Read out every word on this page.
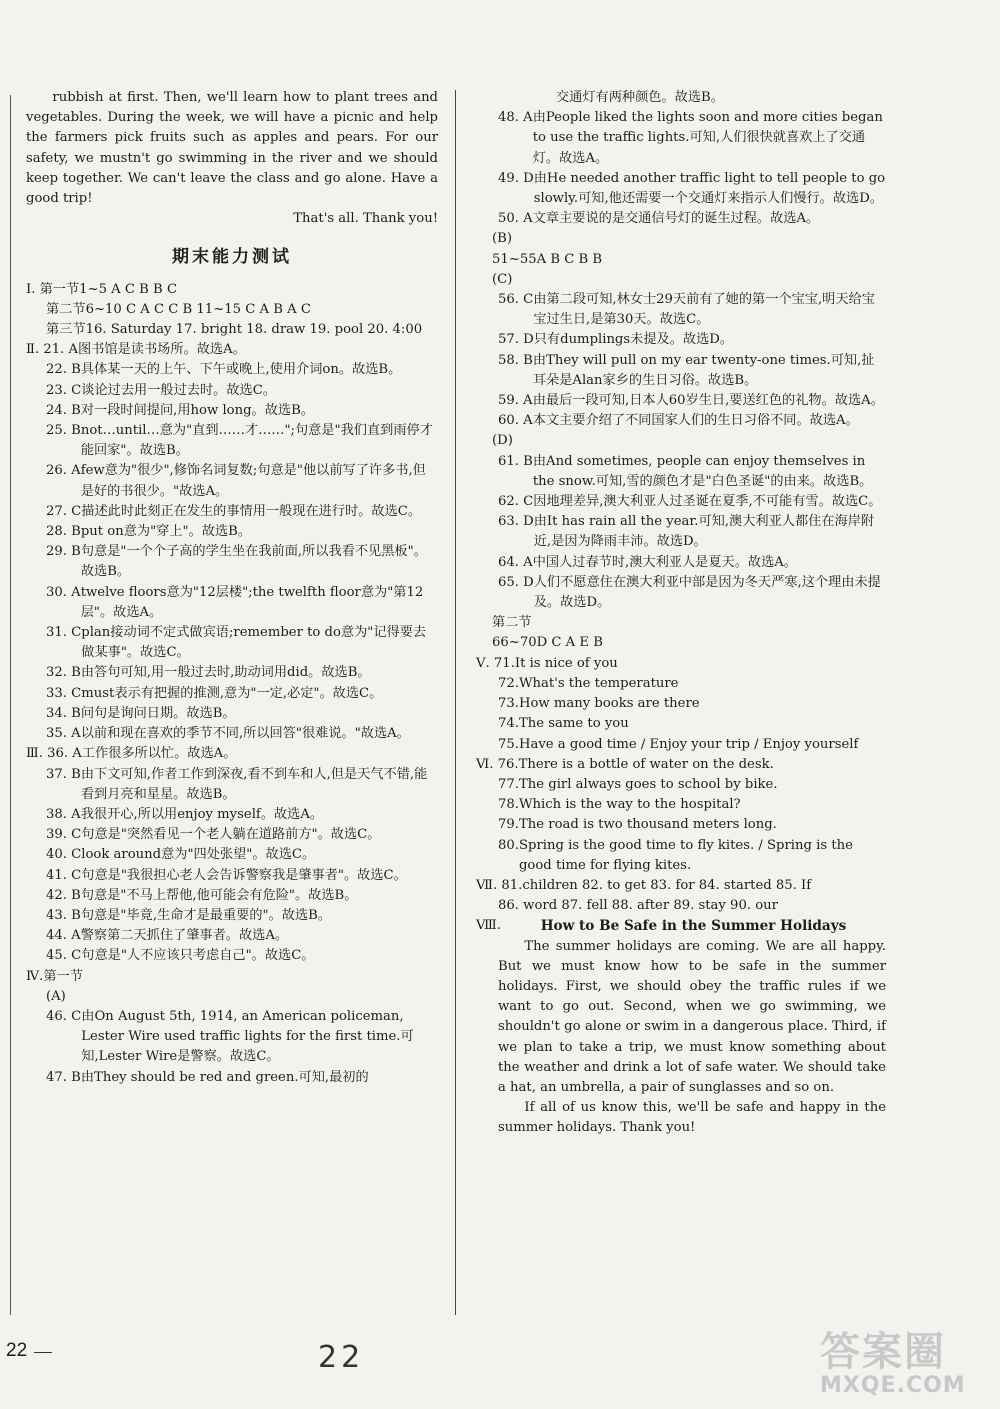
rubbish at first. Then, we'll learn how to plant trees and vegetables. During the week, we will have a picnic and help the farmers pick fruits such as apples and pears. For our safety, we mustn't go swimming in the river and we should keep together. We can't leave the class and go alone. Have a good trip!
That's all. Thank you!
期末能力测试
Ⅰ. 第一节 1~5 A C B B C
第二节 6~10 C A C C B 11~15 C A B A C
第三节 16. Saturday 17. bright 18. draw 19. pool 20. 4:00
Ⅱ. 21. A 图书馆是读书场所。故选A。
22. B 具体某一天的上午、下午或晚上,使用介词on。故选B。
23. C 谈论过去用一般过去时。故选C。
24. B 对一段时间提问,用how long。故选B。
25. B not…until…意为"直到……才……";句意是"我们直到雨停才能回家"。故选B。
26. A few意为"很少",修饰名词复数;句意是"他以前写了许多书,但是好的书很少。"故选A。
27. C 描述此时此刻正在发生的事情用一般现在进行时。故选C。
28. B put on意为"穿上"。故选B。
29. B 句意是"一个个子高的学生坐在我前面,所以我看不见黑板"。故选B。
30. A twelve floors意为"12层楼";the twelfth floor意为"第12层"。故选A。
31. C plan接动词不定式做宾语;remember to do意为"记得要去做某事"。故选C。
32. B 由答句可知,用一般过去时,助动词用did。故选B。
33. C must表示有把握的推测,意为"一定,必定"。故选C。
34. B 问句是询问日期。故选B。
35. A 以前和现在喜欢的季节不同,所以回答"很难说。"故选A。
Ⅲ. 36. A 工作很多所以忙。故选A。
37. B 由下文可知,作者工作到深夜,看不到车和人,但是天气不错,能看到月亮和星星。故选B。
38. A 我很开心,所以用enjoy myself。故选A。
39. C 句意是"突然看见一个老人躺在道路前方"。故选C。
40. C look around意为"四处张望"。故选C。
41. C 句意是"我很担心老人会告诉警察我是肇事者"。故选C。
42. B 句意是"不马上帮他,他可能会有危险"。故选B。
43. B 句意是"毕竟,生命才是最重要的"。故选B。
44. A 警察第二天抓住了肇事者。故选A。
45. C 句意是"人不应该只考虑自己"。故选C。
Ⅳ. 第一节
(A)
46. C 由On August 5th, 1914, an American policeman, Lester Wire used traffic lights for the first time.可知,Lester Wire是警察。故选C。
47. B 由They should be red and green.可知,最初的
交通灯有两种颜色。故选B。
48. A 由People liked the lights soon and more cities began to use the traffic lights.可知,人们很快就喜欢上了交通灯。故选A。
49. D 由He needed another traffic light to tell people to go slowly.可知,他还需要一个交通灯来指示人们慢行。故选D。
50. A 文章主要说的是交通信号灯的诞生过程。故选A。
(B)
51~55 A B C B B
(C)
56. C 由第二段可知,林女士29天前有了她的第一个宝宝,明天给宝宝过生日,是第30天。故选C。
57. D 只有dumplings未提及。故选D。
58. B 由They will pull on my ear twenty-one times.可知,扯耳朵是Alan家乡的生日习俗。故选B。
59. A 由最后一段可知,日本人60岁生日,要送红色的礼物。故选A。
60. A 本文主要介绍了不同国家人们的生日习俗不同。故选A。
(D)
61. B 由And sometimes, people can enjoy themselves in the snow.可知,雪的颜色才是"白色圣诞"的由来。故选B。
62. C 因地理差异,澳大利亚人过圣诞在夏季,不可能有雪。故选C。
63. D 由It has rain all the year.可知,澳大利亚人都住在海岸附近,是因为降雨丰沛。故选D。
64. A 中国人过春节时,澳大利亚人是夏天。故选A。
65. D 人们不愿意住在澳大利亚中部是因为冬天严寒,这个理由未提及。故选D。
第二节
66~70 D C A E B
Ⅴ. 71. It is nice of you
72. What's the temperature
73. How many books are there
74. The same to you
75. Have a good time / Enjoy your trip / Enjoy yourself
Ⅵ. 76. There is a bottle of water on the desk.
77. The girl always goes to school by bike.
78. Which is the way to the hospital?
79. The road is two thousand meters long.
80. Spring is the good time to fly kites. / Spring is the good time for flying kites.
Ⅶ. 81. children 82. to get 83. for 84. started 85. If
86. word 87. fell 88. after 89. stay 90. our
Ⅷ.	How to Be Safe in the Summer Holidays
The summer holidays are coming. We are all happy. But we must know how to be safe in the summer holidays. First, we should obey the traffic rules if we want to go out. Second, when we go swimming, we shouldn't go alone or swim in a dangerous place. Third, if we plan to take a trip, we must know something about the weather and drink a lot of safe water. We should take a hat, an umbrella, a pair of sunglasses and so on.
If all of us know this, we'll be safe and happy in the summer holidays. Thank you!
22	22	答案圈
MXQE.COM
